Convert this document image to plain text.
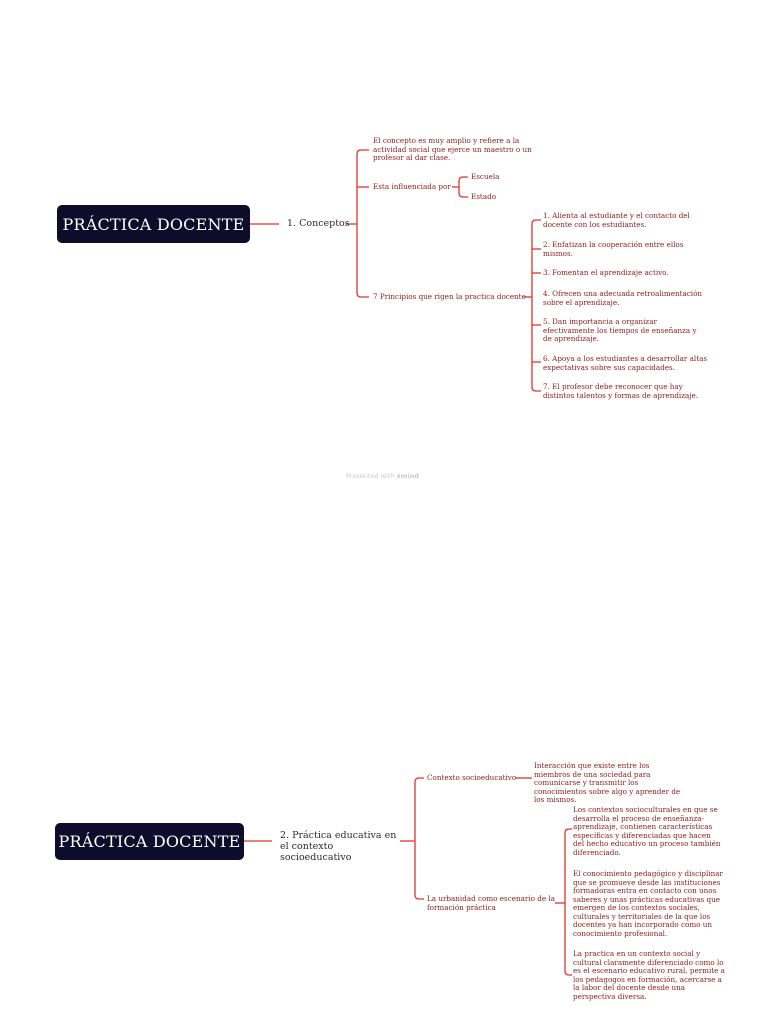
PRÁCTICA DOCENTE	1. Conceptos
El concepto es muy amplio y refiere a la actividad social que ejerce un maestro o un profesor al dar clase.
Esta influenciada por
Escuela
Estado
7 Principios que rigen la practica docente
1. Alienta al estudiante y el contacto del docente con los estudiantes.
2. Enfatizan la cooperación entre ellos mismos.
3. Fomentan el aprendizaje activo.
4. Ofrecen una adecuada retroalimentación sobre el aprendizaje.
5. Dan importancia a organizar efectivamente los tiempos de enseñanza y de aprendizaje.
6. Apoya a los estudiantes a desarrollar altas expectativas sobre sus capacidades.
7. El profesor debe reconocer que hay distintos talentos y formas de aprendizaje.
Presented with xmind
PRÁCTICA DOCENTE	2. Práctica educativa en el contexto socioeducativo
Contexto socioeducativo
Interacción que existe entre los miembros de una sociedad para comunicarse y transmitir los conocimientos sobre algo y aprender de los mismos.
La urbanidad como escenario de la formación práctica
Los contextos socioculturales en que se desarrolla el proceso de enseñanza-aprendizaje, contienen características específicas y diferenciadas que hacen del hecho educativo un proceso también diferenciado.
El conocimiento pedagógico y disciplinar que se promueve desde las instituciones formadoras entra en contacto con unos saberes y unas prácticas educativas que emergen de los contextos sociales, culturales y territoriales de la que los docentes ya han incorporado como un conocimiento profesional.
La practica en un contexto social y cultural claramente diferenciado como lo es el escenario educativo rural, permite a los pedagogos en formación, acercarse a la labor del docente desde una perspectiva diversa.
